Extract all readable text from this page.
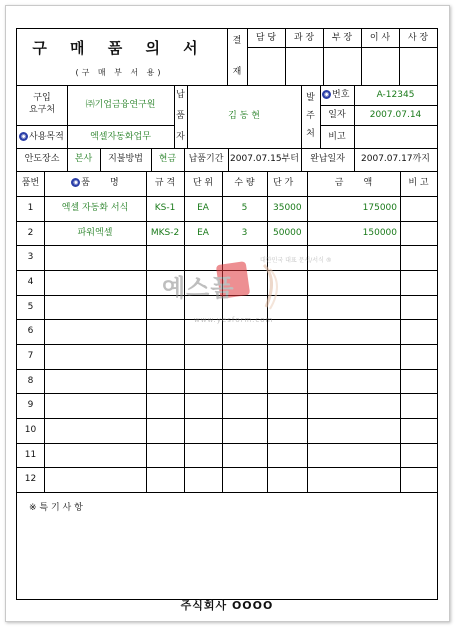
구 매 품 의 서
(구 매 부 서 용)
결
재
담 당	과 장	부 장	이 사	사 장
구입
요구처	㈜기업금융연구원
◉ 사용목적	엑셀자동화업무
납
품
자
김 동 현
발
주
처
◉ 번호	A-12345
일자	2007.07.14
비고
안도장소	본사	지불방법	현금	납품기간 2007.07.15부터	완납일자	2007.07.17까지
품번	◉ 품       명	규 격	단 위	수 량	단 가	금       액	비 고
1	엑셀 자동화 서식	KS-1	EA	5	35000	175000
2	파워엑셀	MKS-2	EA	3	50000	150000
3
4
5
6
7
8
9
10
11
12
※ 특 기 사 항
주식회사 OOOO
예스폼
대한민국 대표 문서/서식 ®
www.yesform.com
